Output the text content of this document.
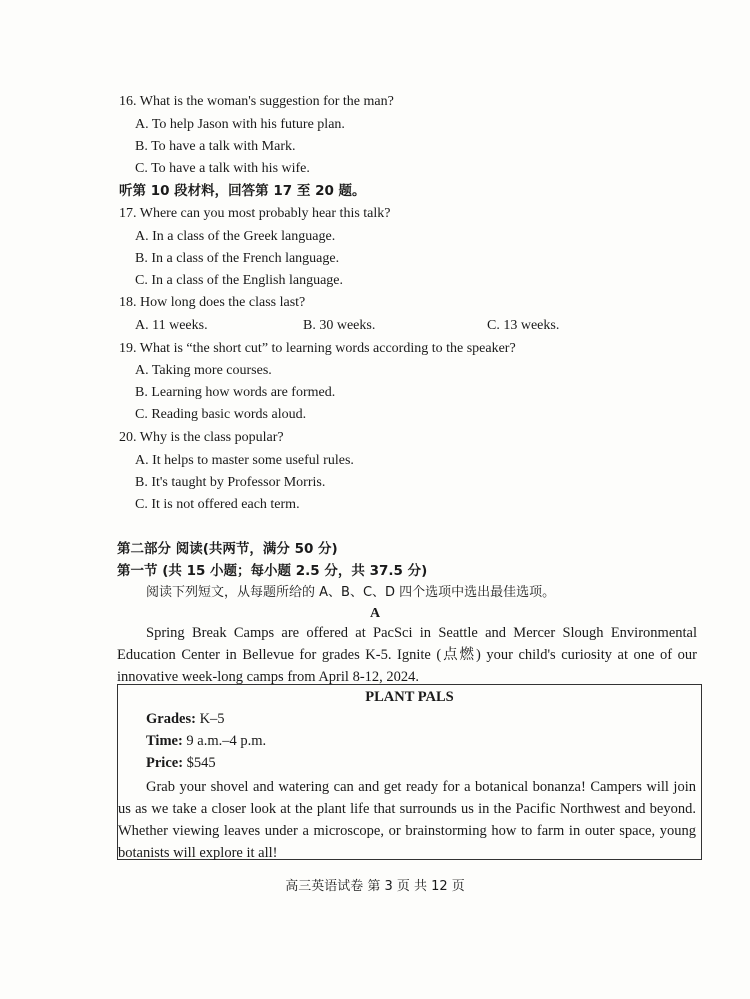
16. What is the woman's suggestion for the man?
A. To help Jason with his future plan.
B. To have a talk with Mark.
C. To have a talk with his wife.
听第 10 段材料，回答第 17 至 20 题。
17. Where can you most probably hear this talk?
A. In a class of the Greek language.
B. In a class of the French language.
C. In a class of the English language.
18. How long does the class last?
A. 11 weeks.	B. 30 weeks.	C. 13 weeks.
19. What is “the short cut” to learning words according to the speaker?
A. Taking more courses.
B. Learning how words are formed.
C. Reading basic words aloud.
20. Why is the class popular?
A. It helps to master some useful rules.
B. It's taught by Professor Morris.
C. It is not offered each term.
第二部分 阅读(共两节，满分 50 分)
第一节 (共 15 小题；每小题 2.5 分，共 37.5 分)
阅读下列短文，从每题所给的 A、B、C、D 四个选项中选出最佳选项。
A
Spring Break Camps are offered at PacSci in Seattle and Mercer Slough Environmental Education Center in Bellevue for grades K-5. Ignite (点燃) your child's curiosity at one of our innovative week-long camps from April 8-12, 2024.
PLANT PALS
Grades: K–5
Time: 9 a.m.–4 p.m.
Price: $545
Grab your shovel and watering can and get ready for a botanical bonanza! Campers will join us as we take a closer look at the plant life that surrounds us in the Pacific Northwest and beyond. Whether viewing leaves under a microscope, or brainstorming how to farm in outer space, young botanists will explore it all!
高三英语试卷 第 3 页 共 12 页
